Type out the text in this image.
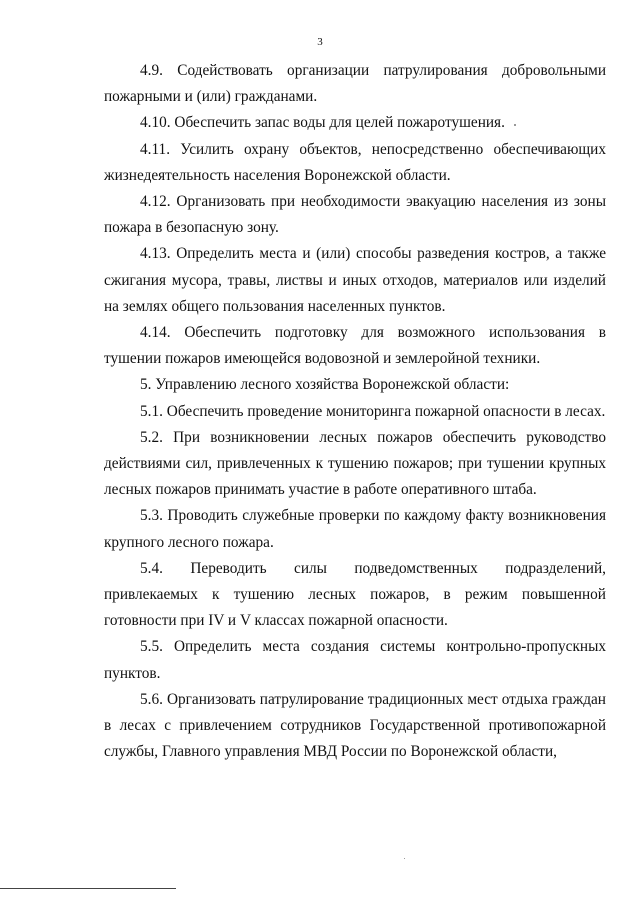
3

4.9. Содействовать организации патрулирования добровольными пожарными и (или) гражданами.

4.10. Обеспечить запас воды для целей пожаротушения.

4.11. Усилить охрану объектов, непосредственно обеспечивающих жизнедеятельность населения Воронежской области.

4.12. Организовать при необходимости эвакуацию населения из зоны пожара в безопасную зону.

4.13. Определить места и (или) способы разведения костров, а также сжигания мусора, травы, листвы и иных отходов, материалов или изделий на землях общего пользования населенных пунктов.

4.14. Обеспечить подготовку для возможного использования в тушении пожаров имеющейся водовозной и землеройной техники.

5. Управлению лесного хозяйства Воронежской области:

5.1. Обеспечить проведение мониторинга пожарной опасности в лесах.

5.2. При возникновении лесных пожаров обеспечить руководство действиями сил, привлеченных к тушению пожаров; при тушении крупных лесных пожаров принимать участие в работе оперативного штаба.

5.3. Проводить служебные проверки по каждому факту возникновения крупного лесного пожара.

5.4. Переводить силы подведомственных подразделений, привлекаемых к тушению лесных пожаров, в режим повышенной готовности при IV и V классах пожарной опасности.

5.5. Определить места создания системы контрольно-пропускных пунктов.

5.6. Организовать патрулирование традиционных мест отдыха граждан в лесах с привлечением сотрудников Государственной противопожарной службы, Главного управления МВД России по Воронежской области,
